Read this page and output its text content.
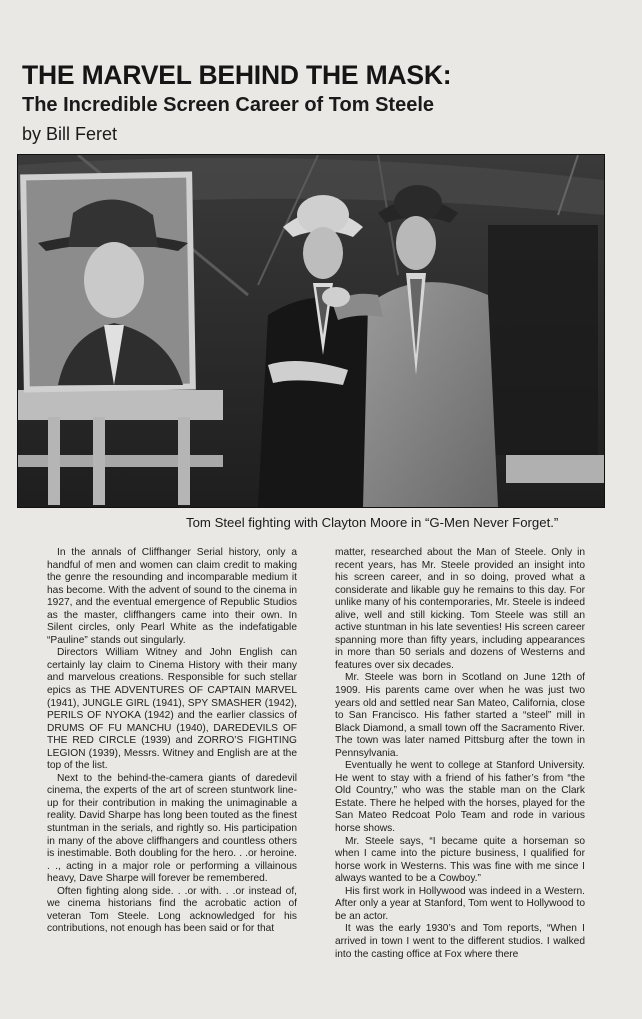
THE MARVEL BEHIND THE MASK:
The Incredible Screen Career of Tom Steele
by Bill Feret
Tom Steel fighting with Clayton Moore in “G-Men Never Forget.”

In the annals of Cliffhanger Serial history, only a handful of men and women can claim credit to making the genre the resounding and incomparable medium it has become. With the advent of sound to the cinema in 1927, and the eventual emergence of Republic Studios as the master, cliffhangers came into their own. In Silent circles, only Pearl White as the indefatigable “Pauline” stands out singularly.

Directors William Witney and John English can certainly lay claim to Cinema History with their many and marvelous creations. Responsible for such stellar epics as THE ADVENTURES OF CAPTAIN MARVEL (1941), JUNGLE GIRL (1941), SPY SMASHER (1942), PERILS OF NYOKA (1942) and the earlier classics of DRUMS OF FU MANCHU (1940), DAREDEVILS OF THE RED CIRCLE (1939) and ZORRO’S FIGHTING LEGION (1939), Messrs. Witney and English are at the top of the list.

Next to the behind-the-camera giants of daredevil cinema, the experts of the art of screen stuntwork line-up for their contribution in making the unimaginable a reality. David Sharpe has long been touted as the finest stuntman in the serials, and rightly so. His participation in many of the above cliffhangers and countless others is inestimable. Both doubling for the hero. . .or heroine. . ., acting in a major role or performing a villainous heavy, Dave Sharpe will forever be remembered.

Often fighting along side. . .or with. . .or instead of, we cinema historians find the acrobatic action of veteran Tom Steele. Long acknowledged for his contributions, not enough has been said or for that

matter, researched about the Man of Steele. Only in recent years, has Mr. Steele provided an insight into his screen career, and in so doing, proved what a considerate and likable guy he remains to this day. For unlike many of his contemporaries, Mr. Steele is indeed alive, well and still kicking. Tom Steele was still an active stuntman in his late seventies! His screen career spanning more than fifty years, including appearances in more than 50 serials and dozens of Westerns and features over six decades.

Mr. Steele was born in Scotland on June 12th of 1909. His parents came over when he was just two years old and settled near San Mateo, California, close to San Francisco. His father started a “steel” mill in Black Diamond, a small town off the Sacramento River. The town was later named Pittsburg after the town in Pennsylvania.

Eventually he went to college at Stanford University. He went to stay with a friend of his father’s from “the Old Country,” who was the stable man on the Clark Estate. There he helped with the horses, played for the San Mateo Redcoat Polo Team and rode in various horse shows.

Mr. Steele says, “I became quite a horseman so when I came into the picture business, I qualified for horse work in Westerns. This was fine with me since I always wanted to be a Cowboy.”

His first work in Hollywood was indeed in a Western. After only a year at Stanford, Tom went to Hollywood to be an actor.

It was the early 1930’s and Tom reports, “When I arrived in town I went to the different studios. I walked into the casting office at Fox where there
